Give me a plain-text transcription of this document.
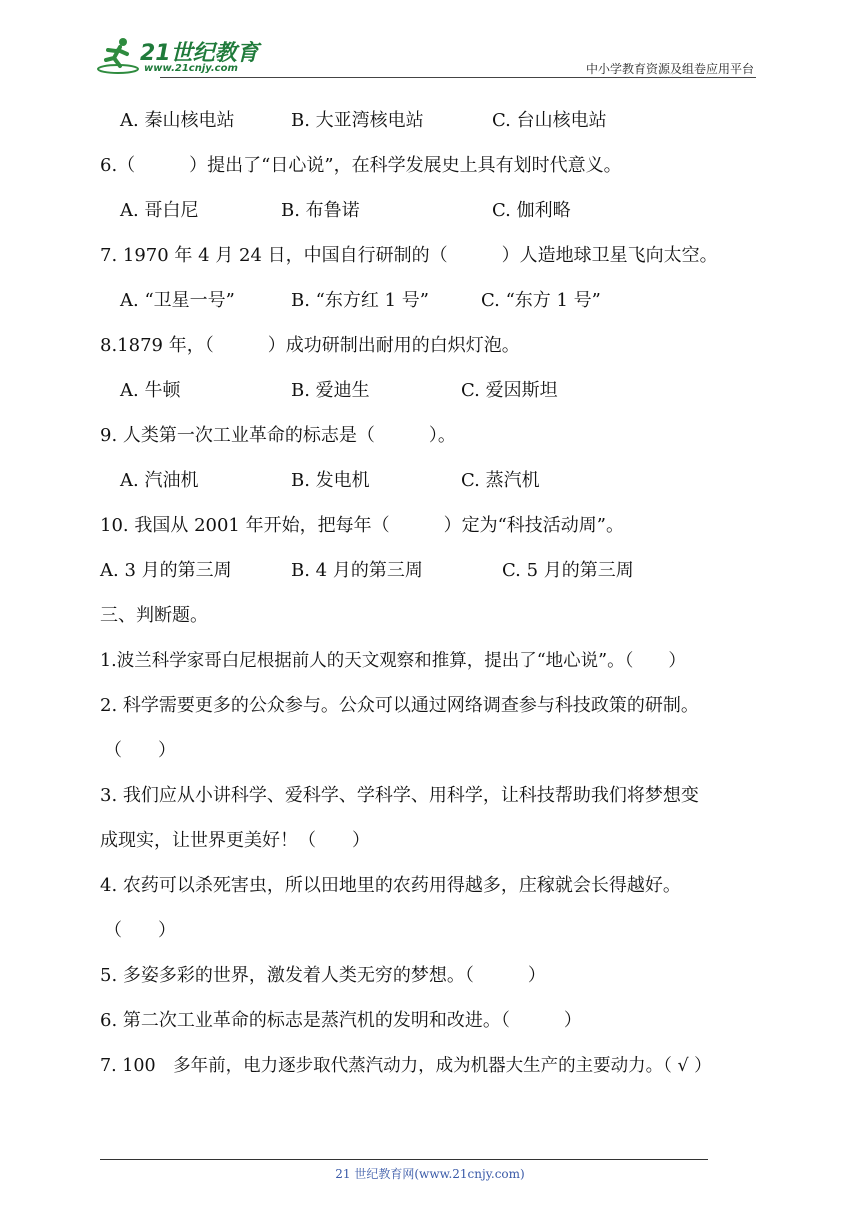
21世纪教育
www.21cnjy.com	中小学教育资源及组卷应用平台
A. 秦山核电站	B. 大亚湾核电站	C. 台山核电站
6.（　　　）提出了“日心说”，在科学发展史上具有划时代意义。
A. 哥白尼	B. 布鲁诺	C. 伽利略
7. 1970 年 4 月 24 日，中国自行研制的（　　　）人造地球卫星飞向太空。
A. “卫星一号”	B. “东方红 1 号”	C. “东方 1 号”
8.1879 年，（　　　）成功研制出耐用的白炽灯泡。
A. 牛顿	B. 爱迪生	C. 爱因斯坦
9. 人类第一次工业革命的标志是（　　　）。
A. 汽油机	B. 发电机	C. 蒸汽机
10. 我国从 2001 年开始，把每年（　　　）定为“科技活动周”。
A. 3 月的第三周	B. 4 月的第三周	C. 5 月的第三周
三、判断题。
1.波兰科学家哥白尼根据前人的天文观察和推算，提出了“地心说”。（　　）
2. 科学需要更多的公众参与。公众可以通过网络调查参与科技政策的研制。
（　　）
3. 我们应从小讲科学、爱科学、学科学、用科学，让科技帮助我们将梦想变
成现实，让世界更美好！（　　）
4. 农药可以杀死害虫，所以田地里的农药用得越多，庄稼就会长得越好。
（　　）
5. 多姿多彩的世界，激发着人类无穷的梦想。（　　　）
6. 第二次工业革命的标志是蒸汽机的发明和改进。（　　　）
7. 100　多年前，电力逐步取代蒸汽动力，成为机器大生产的主要动力。（ √ ）
21 世纪教育网(www.21cnjy.com)
